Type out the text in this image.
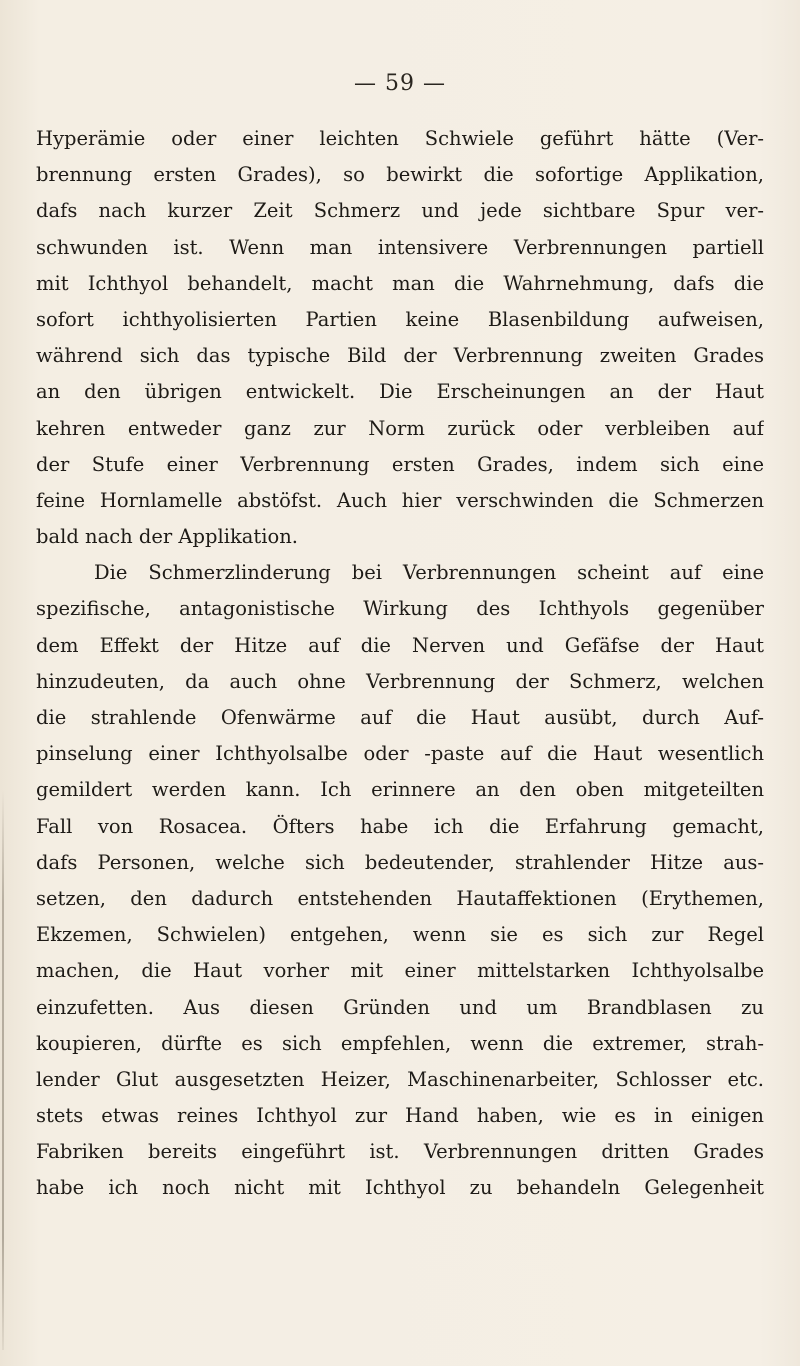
— 59 —
Hyperämie oder einer leichten Schwiele geführt hätte (Ver-
brennung ersten Grades), so bewirkt die sofortige Applikation,
dafs nach kurzer Zeit Schmerz und jede sichtbare Spur ver-
schwunden ist. Wenn man intensivere Verbrennungen partiell
mit Ichthyol behandelt, macht man die Wahrnehmung, dafs die
sofort ichthyolisierten Partien keine Blasenbildung aufweisen,
während sich das typische Bild der Verbrennung zweiten Grades
an den übrigen entwickelt. Die Erscheinungen an der Haut
kehren entweder ganz zur Norm zurück oder verbleiben auf
der Stufe einer Verbrennung ersten Grades, indem sich eine
feine Hornlamelle abstöfst. Auch hier verschwinden die Schmerzen
bald nach der Applikation.
Die Schmerzlinderung bei Verbrennungen scheint auf eine
spezifische, antagonistische Wirkung des Ichthyols gegenüber
dem Effekt der Hitze auf die Nerven und Gefäfse der Haut
hinzudeuten, da auch ohne Verbrennung der Schmerz, welchen
die strahlende Ofenwärme auf die Haut ausübt, durch Auf-
pinselung einer Ichthyolsalbe oder -paste auf die Haut wesentlich
gemildert werden kann. Ich erinnere an den oben mitgeteilten
Fall von Rosacea. Öfters habe ich die Erfahrung gemacht,
dafs Personen, welche sich bedeutender, strahlender Hitze aus-
setzen, den dadurch entstehenden Hautaffektionen (Erythemen,
Ekzemen, Schwielen) entgehen, wenn sie es sich zur Regel
machen, die Haut vorher mit einer mittelstarken Ichthyolsalbe
einzufetten. Aus diesen Gründen und um Brandblasen zu
koupieren, dürfte es sich empfehlen, wenn die extremer, strah-
lender Glut ausgesetzten Heizer, Maschinenarbeiter, Schlosser etc.
stets etwas reines Ichthyol zur Hand haben, wie es in einigen
Fabriken bereits eingeführt ist. Verbrennungen dritten Grades
habe ich noch nicht mit Ichthyol zu behandeln Gelegenheit
